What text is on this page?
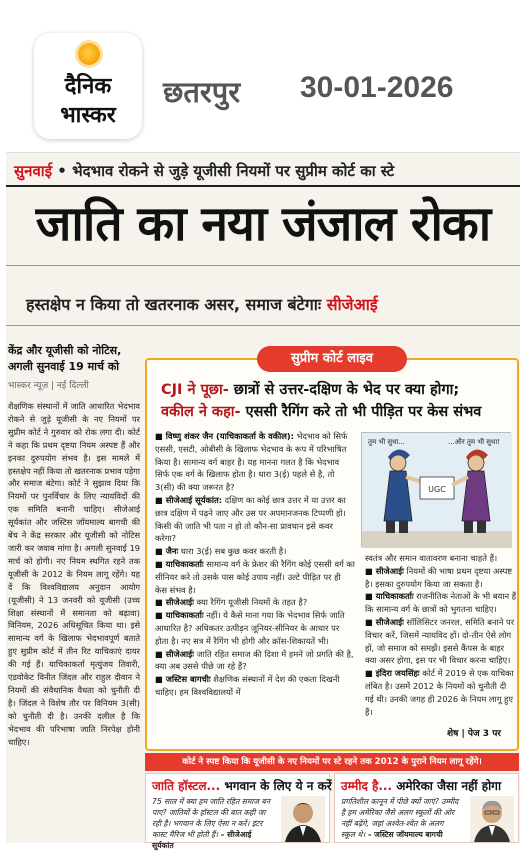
दैनिक
भास्कर
छतरपुर 30-01-2026
सुनवाई • भेदभाव रोकने से जुड़े यूजीसी नियमों पर सुप्रीम कोर्ट का स्टे
जाति का नया जंजाल रोका
हस्तक्षेप न किया तो खतरनाक असर, समाज बंटेगाः सीजेआई
केंद्र और यूजीसी को नोटिस, अगली सुनवाई 19 मार्च को
भास्कर न्यूज़ | नई दिल्ली
शैक्षणिक संस्थानों में जाति आधारित भेदभाव रोकने से जुड़े यूजीसी के नए नियमों पर सुप्रीम कोर्ट ने गुरुवार को रोक लगा दी। कोर्ट ने कहा कि प्रथम दृष्टया नियम अस्पष्ट हैं और इनका दुरुपयोग संभव है। इस मामले में हस्तक्षेप नहीं किया तो खतरनाक प्रभाव पड़ेगा और समाज बंटेगा। कोर्ट ने सुझाव दिया कि नियमों पर पुनर्विचार के लिए न्यायविदों की एक समिति बनानी चाहिए। सीजेआई सूर्यकांत और जस्टिस जॉयमाल्य बागची की बेंच ने केंद्र सरकार और यूजीसी को नोटिस जारी कर जवाब मांगा है। अगली सुनवाई 19 मार्च को होगी। नए नियम स्थगित रहने तक यूजीसी के 2012 के नियम लागू रहेंगे। यह दें कि विश्वविद्यालय अनुदान आयोग (यूजीसी) ने 13 जनवरी को यूजीसी (उच्च शिक्षा संस्थानों में समानता को बढ़ावा) विनियम, 2026 अधिसूचित किया था। इसे सामान्य वर्ग के खिलाफ भेदभावपूर्ण बताते हुए सुप्रीम कोर्ट में तीन रिट याचिकाएं दायर की गई हैं। याचिकाकर्ता मृत्युंजय तिवारी, एडवोकेट विनीत जिंदल और राहुल दीवान ने नियमों की संवैधानिक वैधता को चुनौती दी है। जिंदल ने विशेष तौर पर विनियम 3(सी) को चुनौती दी है। उनकी दलील है कि भेदभाव की परिभाषा जाति निरपेक्ष होनी चाहिए।
सुप्रीम कोर्ट लाइव
CJI ने पूछा- छात्रों से उत्तर-दक्षिण के भेद पर क्या होगा;
वकील ने कहा- एससी रैगिंग करे तो भी पीड़ित पर केस संभव

■ विष्णु शंकर जैन (याचिकाकर्ता के वकील): भेदभाव को सिर्फ एससी, एसटी, ओबीसी के खिलाफ भेदभाव के रूप में परिभाषित किया है। सामान्य वर्ग बाहर है। यह मानना गलत है कि भेदभाव सिर्फ एक वर्ग के खिलाफ होता है। धारा 3(ई) पहले से है, तो 3(सी) की क्या जरूरत है?

■ सीजेआई सूर्यकांत: दक्षिण का कोई छात्र उत्तर में या उत्तर का छात्र दक्षिण में पढ़ने जाए और उस पर अपमानजनक टिप्पणी हो। किसी की जाति भी पता न हो तो कौन-सा प्रावधान इसे कवर करेगा?

■ जैनः धारा 3(ई) सब कुछ कवर करती है।

■ याचिकाकर्ताः सामान्य वर्ग के फ्रेशर की रैगिंग कोई एससी वर्ग का सीनियर करे तो उसके पास कोई उपाय नहीं। उल्टे पीड़ित पर ही केस संभव है।

■ सीजेआईः क्या रैगिंग यूजीसी नियमों के तहत है?

■ याचिकाकर्ताः नहीं। ये कैसे माना गया कि भेदभाव सिर्फ जाति आधारित है? अधिकतर उत्पीड़न जूनियर-सीनियर के आधार पर होता है। नए सत्र में रैगिंग भी होगी और क्रॉस-शिकायतें भी।

■ सीजेआईः जाति रहित समाज की दिशा में हमने जो प्रगति की है, क्या अब उससे पीछे जा रहे हैं?

■ जस्टिस बागचीः शैक्षणिक संस्थानों में देश की एकता दिखनी चाहिए। हम विश्वविद्यालयों में

UGC
तुम भी सुधा...	...और तुम भी सुधा!

स्वतंत्र और समान वातावरण बनाना चाहते हैं।

■ सीजेआईः नियमों की भाषा प्रथम दृष्टया अस्पष्ट है। इसका दुरुपयोग किया जा सकता है।

■ याचिकाकर्ताः राजनीतिक नेताओं के भी बयान हैं कि सामान्य वर्ग के छात्रों को भुगतना चाहिए।

■ सीजेआईः सॉलिसिटर जनरल, समिति बनाने पर विचार करें, जिसमें न्यायविद हों। दो-तीन ऐसे लोग हों, जो समाज को समझें। इससे कैंपस के बाहर क्या असर होगा, इस पर भी विचार करना चाहिए।

■ इंदिरा जयसिंहः कोर्ट में 2019 से एक याचिका लंबित है। उसमें 2012 के नियमों को चुनौती दी गई थी। उनकी जगह ही 2026 के नियम लागू हुए हैं।

शेष | पेज 3 पर
कोर्ट ने स्पष्ट किया कि यूजीसी के नए नियमों पर स्टे रहने तक 2012 के पुराने नियम लागू रहेंगे।
जाति हॉस्टल... भगवान के लिए ये न करें
75 साल में क्या हम जाति रहित समाज बन पाए? जातियों के हॉस्टल की बात कही जा रही है। भगवान के लिए ऐसा न करें। इंटर कास्ट मैरिज भी होती हैं। – सीजेआई सूर्यकांत
उम्मीद है... अमेरिका जैसा नहीं होगा
प्रगतिशील कानून में पीछे क्यों जाएं? उम्मीद है हम अमेरिका जैसे अलग स्कूलों की ओर नहीं बढ़ेंगे, जहां अश्वेत-श्वेत के अलग स्कूल थे। – जस्टिस जॉयमाल्य बागची
